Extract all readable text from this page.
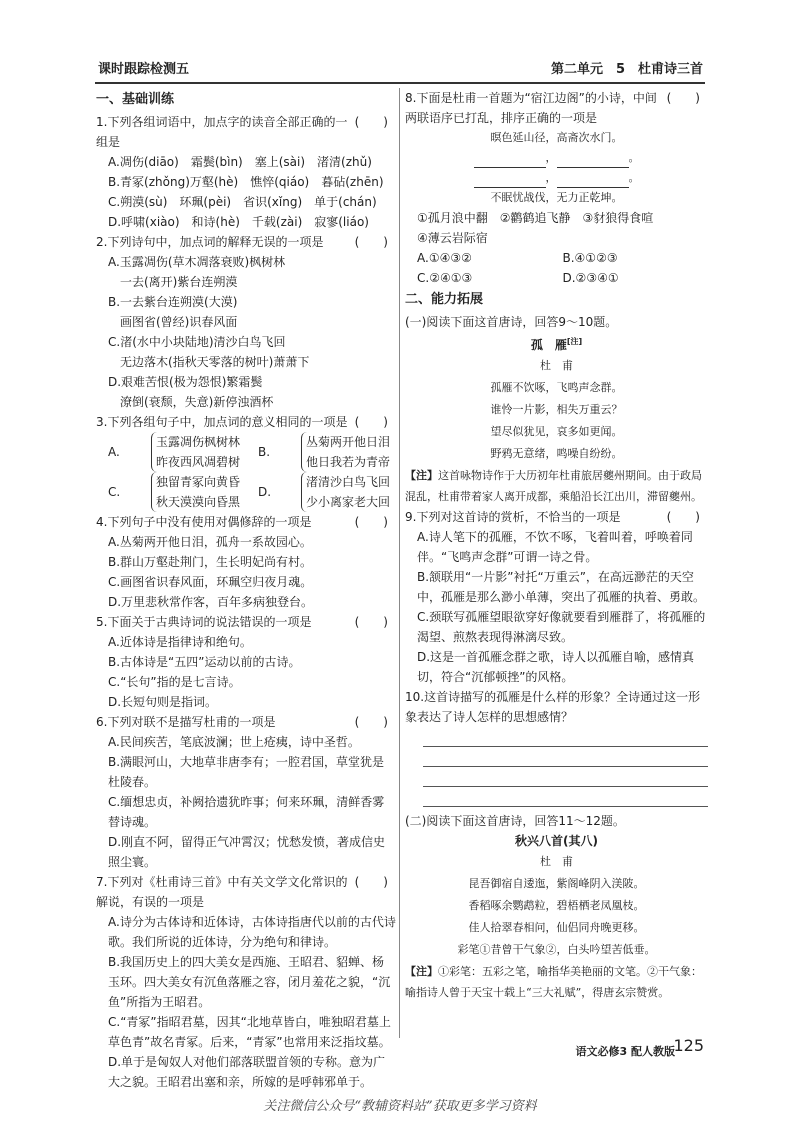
课时跟踪检测五	第二单元　5　杜甫诗三首
一、基础训练
(　　)
1.下列各组词语中，加点字的读音全部正确的一组是
A.凋伤(diāo)　霜鬓(bìn)　塞上(sài)　渚清(zhǔ)
B.青冢(zhǒng)万壑(hè)　憔悴(qiáo)　暮砧(zhēn)
C.朔漠(sù)　环珮(pèi)　省识(xǐng)　单于(chán)
D.呼啸(xiào)　和诗(hè)　千载(zài)　寂寥(liáo)
(　　)
2.下列诗句中，加点词的解释无误的一项是
A.玉露凋伤(草木凋落衰败)枫树林
一去(离开)紫台连朔漠
B.一去紫台连朔漠(大漠)
画图省(曾经)识春风面
C.渚(水中小块陆地)清沙白鸟飞回
无边落木(指秋天零落的树叶)萧萧下
D.艰难苦恨(极为怨恨)繁霜鬓
潦倒(衰颓，失意)新停浊酒杯
(　　)
3.下列各组句子中，加点词的意义相同的一项是
A.
玉露凋伤枫树林
昨夜西风凋碧树
B.
丛菊两开他日泪
他日我若为青帝
C.
独留青冢向黄昏
秋天漠漠向昏黑
D.
渚清沙白鸟飞回
少小离家老大回
(　　)
4.下列句子中没有使用对偶修辞的一项是
A.丛菊两开他日泪，孤舟一系故园心。
B.群山万壑赴荆门，生长明妃尚有村。
C.画图省识春风面，环珮空归夜月魂。
D.万里悲秋常作客，百年多病独登台。
(　　)
5.下面关于古典诗词的说法错误的一项是
A.近体诗是指律诗和绝句。
B.古体诗是“五四”运动以前的古诗。
C.“长句”指的是七言诗。
D.长短句则是指词。
(　　)
6.下列对联不是描写杜甫的一项是
A.民间疾苦，笔底波澜；世上疮痍，诗中圣哲。
B.满眼河山，大地草非唐李有；一腔君国，草堂犹是杜陵春。
C.缅想忠贞，补阙拾遗犹昨事；何来环珮，清鲜香雾替诗魂。
D.刚直不阿，留得正气冲霄汉；忧愁发愤，著成信史照尘寰。
(　　)
7.下列对《杜甫诗三首》中有关文学文化常识的解说，有误的一项是
A.诗分为古体诗和近体诗，古体诗指唐代以前的古代诗歌。我们所说的近体诗，分为绝句和律诗。
B.我国历史上的四大美女是西施、王昭君、貂蝉、杨玉环。四大美女有沉鱼落雁之容，闭月羞花之貌，“沉鱼”所指为王昭君。
C.“青冢”指昭君墓，因其“北地草皆白，唯独昭君墓上草色青”故名青冢。后来，“青冢”也常用来泛指坟墓。
D.单于是匈奴人对他们部落联盟首领的专称。意为广大之貌。王昭君出塞和亲，所嫁的是呼韩邪单于。
(　　)
8.下面是杜甫一首题为“宿江边阁”的小诗，中间两联语序已打乱，排序正确的一项是
暝色延山径，高斋次水门。
，	。
，	。
不眠忧战伐，无力正乾坤。
①孤月浪中翻　②鹳鹤追飞静　③豺狼得食喧
④薄云岩际宿
A.①④③②	B.④①②③
C.②④①③	D.②③④①
二、能力拓展
(一)阅读下面这首唐诗，回答9～10题。
孤　雁[注]
杜　甫
孤雁不饮啄，飞鸣声念群。
谁怜一片影，相失万重云？
望尽似犹见，哀多如更闻。
野鸦无意绪，鸣噪自纷纷。
【注】这首咏物诗作于大历初年杜甫旅居夔州期间。由于政局混乱，杜甫带着家人离开成都，乘船沿长江出川，滞留夔州。
(　　)
9.下列对这首诗的赏析，不恰当的一项是
A.诗人笔下的孤雁，不饮不啄，飞着叫着，呼唤着同伴。“飞鸣声念群”可谓一诗之骨。
B.颔联用“一片影”衬托“万重云”，在高远渺茫的天空中，孤雁是那么渺小单薄，突出了孤雁的执着、勇敢。
C.颈联写孤雁望眼欲穿好像就要看到雁群了，将孤雁的渴望、煎熬表现得淋漓尽致。
D.这是一首孤雁念群之歌，诗人以孤雁自喻，感情真切，符合“沉郁顿挫”的风格。
10.这首诗描写的孤雁是什么样的形象？全诗通过这一形象表达了诗人怎样的思想感情？
(二)阅读下面这首唐诗，回答11～12题。
秋兴八首(其八)
杜　甫
昆吾御宿自逶迤，紫阁峰阴入渼陂。
香稻啄余鹦鹉粒，碧梧栖老凤凰枝。
佳人拾翠春相问，仙侣同舟晚更移。
彩笔①昔曾干气象②，白头吟望苦低垂。
【注】①彩笔：五彩之笔，喻指华美艳丽的文笔。②干气象：喻指诗人曾于天宝十载上“三大礼赋”，得唐玄宗赞赏。
语文必修3 配人教版
125
关注微信公众号“教辅资料站”获取更多学习资料
